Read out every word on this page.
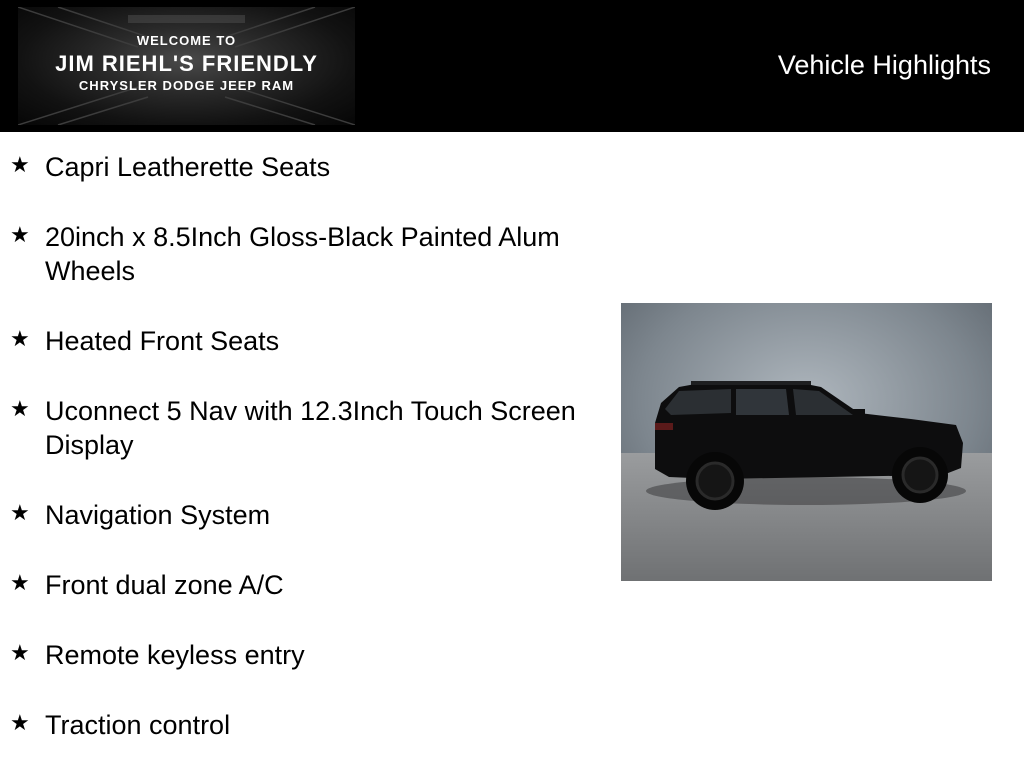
WELCOME TO
JIM RIEHL'S FRIENDLY
CHRYSLER DODGE JEEP RAM
Vehicle Highlights
★ Capri Leatherette Seats
★ 20inch x 8.5Inch Gloss-Black Painted Alum Wheels
★ Heated Front Seats
★ Uconnect 5 Nav with 12.3Inch Touch Screen Display
★ Navigation System
★ Front dual zone A/C
★ Remote keyless entry
★ Traction control
